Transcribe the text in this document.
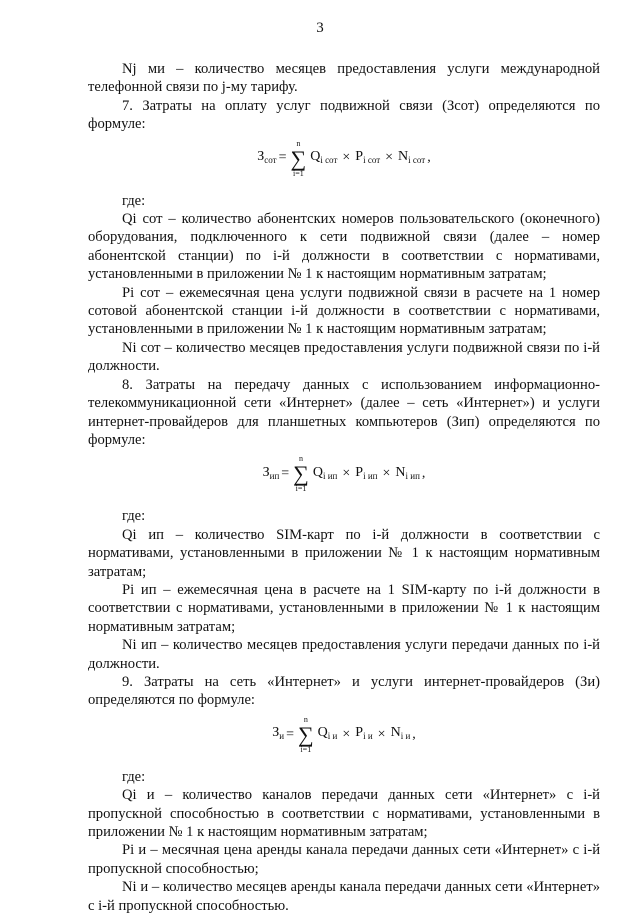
3

Nj ми – количество месяцев предоставления услуги международной телефонной связи по j-му тарифу.

7. Затраты на оплату услуг подвижной связи (Зсот) определяются по формуле:

$З_{сот}$ =
n
∑
i=1
$Q_{i сот} \times P_{i сот} \times N_{i сот}$ ,

где:

Qi сот – количество абонентских номеров пользовательского (оконечного) оборудования, подключенного к сети подвижной связи (далее – номер абонентской станции) по i-й должности в соответствии с нормативами, установленными в приложении № 1 к настоящим нормативным затратам;

Pi сот – ежемесячная цена услуги подвижной связи в расчете на 1 номер сотовой абонентской станции i-й должности в соответствии с нормативами, установленными в приложении № 1 к настоящим нормативным затратам;

Ni сот – количество месяцев предоставления услуги подвижной связи по i-й должности.

8. Затраты на передачу данных с использованием информационно-телекоммуникационной сети «Интернет» (далее – сеть «Интернет») и услуги интернет-провайдеров для планшетных компьютеров (Зип) определяются по формуле:

$З_{ип}$ =
n
∑
i=1
$Q_{i ип} \times P_{i ип} \times N_{i ип}$ ,

где:

Qi ип – количество SIM-карт по i-й должности в соответствии с нормативами, установленными в приложении № 1 к настоящим нормативным затратам;

Pi ип – ежемесячная цена в расчете на 1 SIM-карту по i-й должности в соответствии с нормативами, установленными в приложении № 1 к настоящим нормативным затратам;

Ni ип – количество месяцев предоставления услуги передачи данных по i-й должности.

9. Затраты на сеть «Интернет» и услуги интернет-провайдеров (Зи) определяются по формуле:

$З_и$ =
n
∑
i=1
$Q_{i и} \times P_{i и} \times N_{i и}$ ,

где:

Qi и – количество каналов передачи данных сети «Интернет» с i-й пропускной способностью в соответствии с нормативами, установленными в приложении № 1 к настоящим нормативным затратам;

Pi и – месячная цена аренды канала передачи данных сети «Интернет» с i-й пропускной способностью;

Ni и – количество месяцев аренды канала передачи данных сети «Интернет» с i-й пропускной способностью.
